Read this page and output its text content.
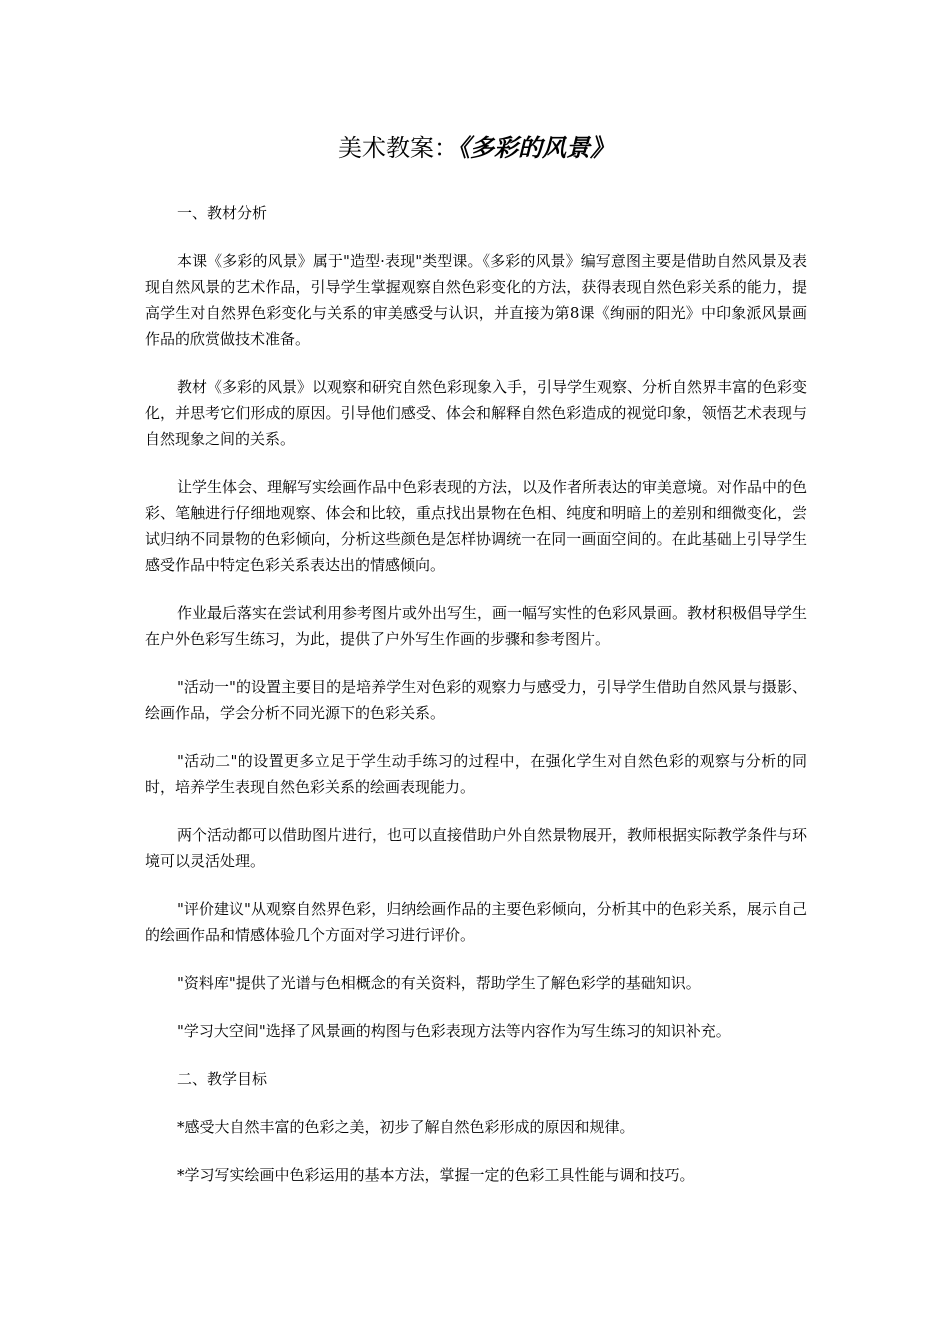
美术教案：《多彩的风景》

一、教材分析

本课《多彩的风景》属于"造型·表现"类型课。《多彩的风景》编写意图主要是借助自然风景及表现自然风景的艺术作品，引导学生掌握观察自然色彩变化的方法，获得表现自然色彩关系的能力，提高学生对自然界色彩变化与关系的审美感受与认识，并直接为第8课《绚丽的阳光》中印象派风景画作品的欣赏做技术准备。

教材《多彩的风景》以观察和研究自然色彩现象入手，引导学生观察、分析自然界丰富的色彩变化，并思考它们形成的原因。引导他们感受、体会和解释自然色彩造成的视觉印象，领悟艺术表现与自然现象之间的关系。

让学生体会、理解写实绘画作品中色彩表现的方法，以及作者所表达的审美意境。对作品中的色彩、笔触进行仔细地观察、体会和比较，重点找出景物在色相、纯度和明暗上的差别和细微变化，尝试归纳不同景物的色彩倾向，分析这些颜色是怎样协调统一在同一画面空间的。在此基础上引导学生感受作品中特定色彩关系表达出的情感倾向。

作业最后落实在尝试利用参考图片或外出写生，画一幅写实性的色彩风景画。教材积极倡导学生在户外色彩写生练习，为此，提供了户外写生作画的步骤和参考图片。

"活动一"的设置主要目的是培养学生对色彩的观察力与感受力，引导学生借助自然风景与摄影、绘画作品，学会分析不同光源下的色彩关系。

"活动二"的设置更多立足于学生动手练习的过程中，在强化学生对自然色彩的观察与分析的同时，培养学生表现自然色彩关系的绘画表现能力。

两个活动都可以借助图片进行，也可以直接借助户外自然景物展开，教师根据实际教学条件与环境可以灵活处理。

"评价建议"从观察自然界色彩，归纳绘画作品的主要色彩倾向，分析其中的色彩关系，展示自己的绘画作品和情感体验几个方面对学习进行评价。

"资料库"提供了光谱与色相概念的有关资料，帮助学生了解色彩学的基础知识。

"学习大空间"选择了风景画的构图与色彩表现方法等内容作为写生练习的知识补充。

二、教学目标

*感受大自然丰富的色彩之美，初步了解自然色彩形成的原因和规律。

*学习写实绘画中色彩运用的基本方法，掌握一定的色彩工具性能与调和技巧。
